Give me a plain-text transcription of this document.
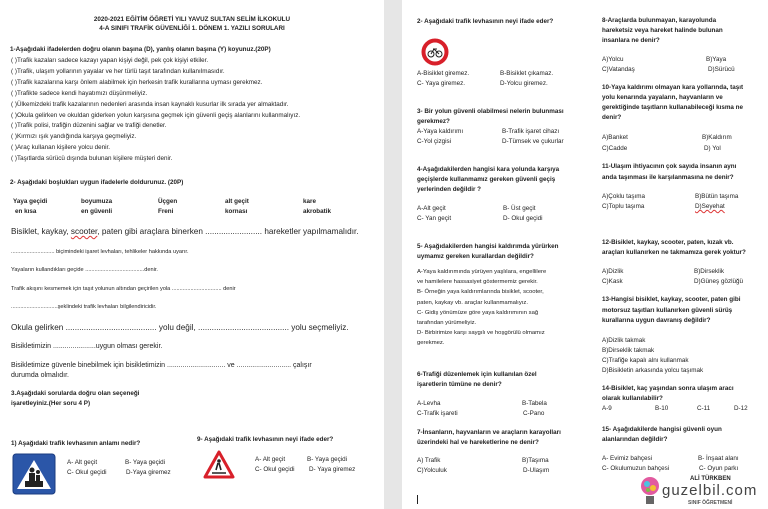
2020-2021 EĞİTİM ÖĞRETİ YILI YAVUZ SULTAN SELİM İLKOKULU
4-A SINIFI TRAFİK GÜVENLİĞİ 1. DÖNEM 1. YAZILI SORULARI
1-Aşağıdaki ifadelerden doğru olanın başına (D), yanlış olanın başına (Y) koyunuz.(20P)
( )Trafik kazaları sadece kazayı yapan kişiyi değil, pek çok kişiyi etkiler.
( )Trafik, ulaşım yollarının yayalar ve her türlü taşıt tarafından kullanılmasıdır.
( )Trafik kazalarına karşı önlem alabilmek için herkesin trafik kurallarına uyması gerekmez.
( )Trafikte sadece kendi hayatımızı düşünmeliyiz.
( )Ülkemizdeki trafik kazalarının nedenleri arasında insan kaynaklı kusurlar ilk sırada yer almaktadır.
( )Okula gelirken ve okuldan giderken yolun karşısına geçmek için güvenli geçiş alanlarını kullanmalıyız.
( )Trafik polisi, trafiğin düzenini sağlar ve trafiği denetler.
( )Kırmızı ışık yandığında karşıya geçmeliyiz.
( )Araç kullanan kişilere yolcu denir.
( )Taşıtlarda sürücü dışında bulunan kişilere müşteri denir.
2- Aşağıdaki boşlukları uygun ifadelerle doldurunuz. (20P)
Yaya geçidi	boyumuza	Üçgen	alt geçit	kare
en kısa	en güvenli	Freni	kornası	akrobatik
Bisiklet, kaykay, scooter, paten gibi araçlara binerken ......................... hareketler yapılmamalıdır.
............................ biçimindeki işaret levhaları, tehlikeler hakkında uyarır.
Yayaların kullandıkları geçide ......................................denir.
Trafik akışını kesmemek için taşıt yolunun altından geçirilen yola ................................ denir
..............................şeklindeki trafik levhaları bilgilendiricidir.
Okula gelirken ........................................ yolu değil, ........................................ yolu seçmeliyiz.
Bisikletimizin ......................uygun olması gerekir.
Bisikletimize güvenle binebilmek için bisikletimizin .............................. ve ............................ çalışır
durumda olmalıdır.
3.Aşağıdaki sorularda doğru olan seçeneği
işaretleyiniz.(Her soru 4 P)
1) Aşağıdaki trafik levhasının anlamı nedir?
A- Alt geçit	B- Yaya geçidi
C- Okul geçidi	D-Yaya giremez
9- Aşağıdaki trafik levhasının neyi ifade eder?
A- Alt geçit	B- Yaya geçidi
C- Okul geçidi D- Yaya giremez
2- Aşağıdaki trafik levhasının neyi ifade eder?
A-Bisiklet giremez.	B-Bisiklet çıkamaz.
C- Yaya giremez.	D-Yolcu giremez.
3- Bir yolun güvenli olabilmesi nelerin bulunması
gerekmez?
A-Yaya kaldırımı	B-Trafik işaret cihazı
C-Yol çizgisi	D-Tümsek ve çukurlar
4-Aşağıdakilerden hangisi kara yolunda karşıya
geçişlerde kullanmamız gereken güvenli geçiş
yerlerinden değildir ?
A-Alt geçit	B- Üst geçit
C- Yan geçit	D- Okul geçidi
5- Aşağıdakilerden hangisi kaldırımda yürürken
uymamız gereken kurallardan değildir?
A-Yaya kaldırımında yürüyen yaşlılara, engellilere
ve hamilelere hassasiyet göstermemiz gerekir.
B- Örneğin yaya kaldırımlarında bisiklet, scooter,
paten, kaykay vb. araçlar kullanmamalıyız.
C- Gidiş yönümüze göre yaya kaldırımının sağ
tarafından yürümeliyiz.
D- Birbirimize karşı saygılı ve hoşgörülü olmamız
gerekmez.
6-Trafiği düzenlemek için kullanılan özel
işaretlerin tümüne ne denir?
A-Levha	B-Tabela
C-Trafik işareti	C-Pano
7-İnsanların, hayvanların ve araçların karayolları
üzerindeki hal ve hareketlerine ne denir?
A) Trafik	B)Taşıma
C)Yolculuk	D-Ulaşım
8-Araçlarda bulunmayan, karayolunda
hareketsiz veya hareket halinde bulunan
insanlara ne denir?
A)Yolcu	B)Yaya
C)Vatandaş	D)Sürücü
10-Yaya kaldırımı olmayan kara yollarında, taşıt
yolu kenarında yayaların, hayvanların ve
gerektiğinde taşıtların kullanabileceği kısma ne
denir?
A)Banket	B)Kaldırım
C)Cadde	D) Yol
11-Ulaşım ihtiyacının çok sayıda insanın aynı
anda taşınması ile karşılanmasına ne denir?
A)Çoklu taşıma	B)Bütün taşıma
C)Toplu taşıma	D)Seyehat
12-Bisiklet, kaykay, scooter, paten, kızak vb.
araçları kullanırken ne takmamıza gerek yoktur?
A)Dizlik	B)Dirseklik
C)Kask	D)Güneş gözlüğü
13-Hangisi bisiklet, kaykay, scooter, paten gibi
motorsuz taşıtları kullanırken güvenli sürüş
kurallarına uygun davranış değildir?
A)Dizlik takmak
B)Dirseklik takmak
C)Trafiğe kapalı alnı kullanmak
D)Bisikletin arkasında yolcu taşımak
14-Bisiklet, kaç yaşından sonra ulaşım aracı
olarak kullanılabilir?
A-9	B-10	C-11	D-12
15- Aşağıdakilerde hangisi güvenli oyun
alanlarından değildir?
A- Evimiz bahçesi	B- İnşaat alanı
C- Okulumuzun bahçesi	C- Oyun parkı
ALİ TÜRKBEN
guzelbil.com
SINIF ÖĞRETMENİ
